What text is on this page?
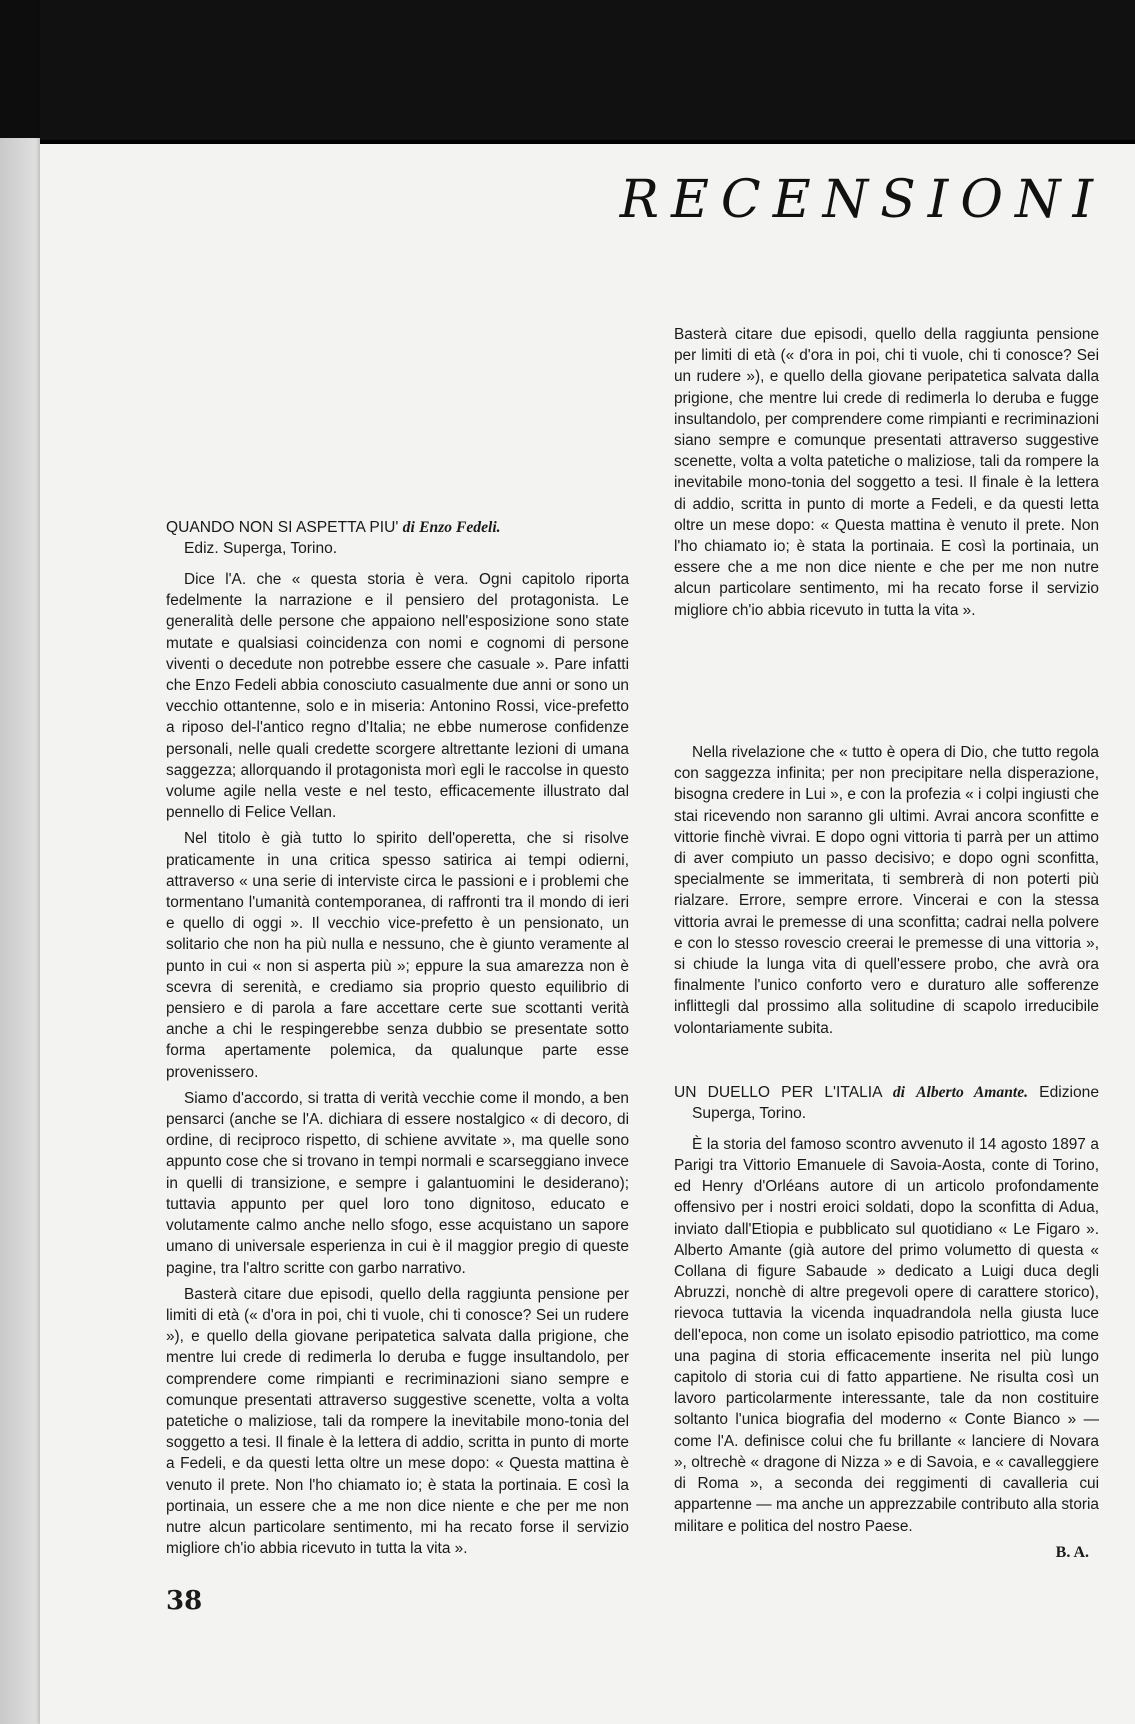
RECENSIONI
QUANDO NON SI ASPETTA PIU' di Enzo Fedeli.
Ediz. Superga, Torino.

Dice l'A. che « questa storia è vera. Ogni capitolo riporta fedelmente la narrazione e il pensiero del protagonista. Le generalità delle persone che appaiono nell'esposizione sono state mutate e qualsiasi coincidenza con nomi e cognomi di persone viventi o decedute non potrebbe essere che casuale ». Pare infatti che Enzo Fedeli abbia conosciuto casualmente due anni or sono un vecchio ottantenne, solo e in miseria: Antonino Rossi, vice-prefetto a riposo del-l'antico regno d'Italia; ne ebbe numerose confidenze personali, nelle quali credette scorgere altrettante lezioni di umana saggezza; allorquando il protagonista morì egli le raccolse in questo volume agile nella veste e nel testo, efficacemente illustrato dal pennello di Felice Vellan.

Nel titolo è già tutto lo spirito dell'operetta, che si risolve praticamente in una critica spesso satirica ai tempi odierni, attraverso « una serie di interviste circa le passioni e i problemi che tormentano l'umanità contemporanea, di raffronti tra il mondo di ieri e quello di oggi ». Il vecchio vice-prefetto è un pensionato, un solitario che non ha più nulla e nessuno, che è giunto veramente al punto in cui « non si asperta più »; eppure la sua amarezza non è scevra di serenità, e crediamo sia proprio questo equilibrio di pensiero e di parola a fare accettare certe sue scottanti verità anche a chi le respingerebbe senza dubbio se presentate sotto forma apertamente polemica, da qualunque parte esse provenissero.

Siamo d'accordo, si tratta di verità vecchie come il mondo, a ben pensarci (anche se l'A. dichiara di essere nostalgico « di decoro, di ordine, di reciproco rispetto, di schiene avvitate », ma quelle sono appunto cose che si trovano in tempi normali e scarseggiano invece in quelli di transizione, e sempre i galantuomini le desiderano); tuttavia appunto per quel loro tono dignitoso, educato e volutamente calmo anche nello sfogo, esse acquistano un sapore umano di universale esperienza in cui è il maggior pregio di queste pagine, tra l'altro scritte con garbo narrativo.

Basterà citare due episodi, quello della raggiunta pensione per limiti di età (« d'ora in poi, chi ti vuole, chi ti conosce? Sei un rudere »), e quello della giovane peripatetica salvata dalla prigione, che mentre lui crede di redimerla lo deruba e fugge insultandolo, per comprendere come rimpianti e recriminazioni siano sempre e comunque presentati attraverso suggestive scenette, volta a volta patetiche o maliziose, tali da rompere la inevitabile mono-tonia del soggetto a tesi. Il finale è la lettera di addio, scritta in punto di morte a Fedeli, e da questi letta oltre un mese dopo: « Questa mattina è venuto il prete. Non l'ho chiamato io; è stata la portinaia. E così la portinaia, un essere che a me non dice niente e che per me non nutre alcun particolare sentimento, mi ha recato forse il servizio migliore ch'io abbia ricevuto in tutta la vita ».

Basterà citare due episodi, quello della raggiunta pensione per limiti di età (« d'ora in poi, chi ti vuole, chi ti conosce? Sei un rudere »), e quello della giovane peripatetica salvata dalla prigione, che mentre lui crede di redimerla lo deruba e fugge insultandolo, per comprendere come rimpianti e recriminazioni siano sempre e comunque presentati attraverso suggestive scenette, volta a volta patetiche o maliziose, tali da rompere la inevitabile mono-tonia del soggetto a tesi. Il finale è la lettera di addio, scritta in punto di morte a Fedeli, e da questi letta oltre un mese dopo: « Questa mattina è venuto il prete. Non l'ho chiamato io; è stata la portinaia. E così la portinaia, un essere che a me non dice niente e che per me non nutre alcun particolare sentimento, mi ha recato forse il servizio migliore ch'io abbia ricevuto in tutta la vita ».

Nella rivelazione che « tutto è opera di Dio, che tutto regola con saggezza infinita; per non precipitare nella disperazione, bisogna credere in Lui », e con la profezia « i colpi ingiusti che stai ricevendo non saranno gli ultimi. Avrai ancora sconfitte e vittorie finchè vivrai. E dopo ogni vittoria ti parrà per un attimo di aver compiuto un passo decisivo; e dopo ogni sconfitta, specialmente se immeritata, ti sembrerà di non poterti più rialzare. Errore, sempre errore. Vincerai e con la stessa vittoria avrai le premesse di una sconfitta; cadrai nella polvere e con lo stesso rovescio creerai le premesse di una vittoria », si chiude la lunga vita di quell'essere probo, che avrà ora finalmente l'unico conforto vero e duraturo alle sofferenze inflittegli dal prossimo alla solitudine di scapolo irreducibile volontariamente subita.

UN DUELLO PER L'ITALIA di Alberto Amante. Edizione Superga, Torino.

È la storia del famoso scontro avvenuto il 14 agosto 1897 a Parigi tra Vittorio Emanuele di Savoia-Aosta, conte di Torino, ed Henry d'Orléans autore di un articolo profondamente offensivo per i nostri eroici soldati, dopo la sconfitta di Adua, inviato dall'Etiopia e pubblicato sul quotidiano « Le Figaro ». Alberto Amante (già autore del primo volumetto di questa « Collana di figure Sabaude » dedicato a Luigi duca degli Abruzzi, nonchè di altre pregevoli opere di carattere storico), rievoca tuttavia la vicenda inquadrandola nella giusta luce dell'epoca, non come un isolato episodio patriottico, ma come una pagina di storia efficacemente inserita nel più lungo capitolo di storia cui di fatto appartiene. Ne risulta così un lavoro particolarmente interessante, tale da non costituire soltanto l'unica biografia del moderno « Conte Bianco » — come l'A. definisce colui che fu brillante « lanciere di Novara », oltrechè « dragone di Nizza » e di Savoia, e « cavalleggiere di Roma », a seconda dei reggimenti di cavalleria cui appartenne — ma anche un apprezzabile contributo alla storia militare e politica del nostro Paese.

B. A.
38
